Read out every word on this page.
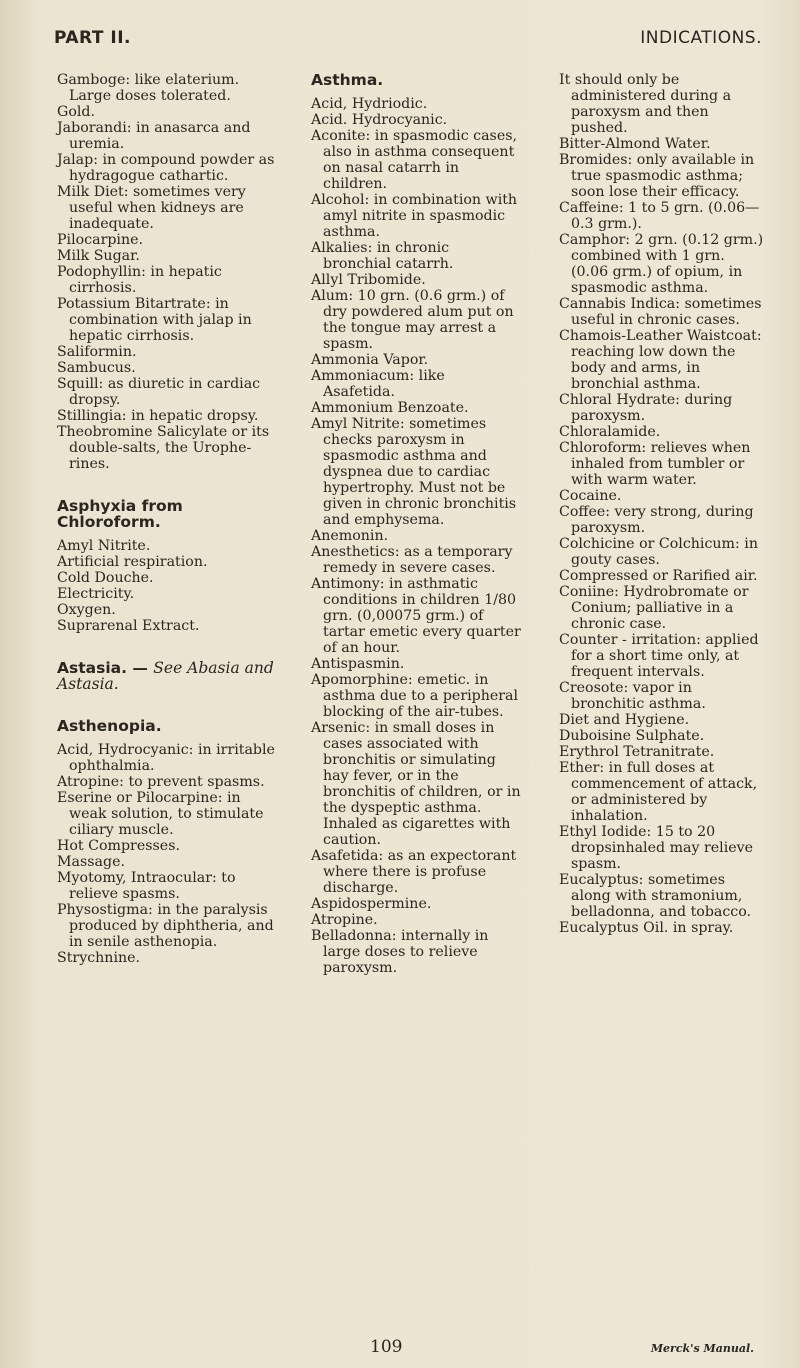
PART II.	INDICATIONS.

Gamboge: like elaterium. Large doses tolerated.

Gold.

Jaborandi: in anasarca and uremia.

Jalap: in compound powder as hydragogue cathartic.

Milk Diet: sometimes very useful when kidneys are inadequate.

Pilocarpine.

Milk Sugar.

Podophyllin: in hepatic cirrhosis.

Potassium Bitartrate: in combination with jalap in hepatic cirrhosis.

Saliformin.

Sambucus.

Squill: as diuretic in cardiac dropsy.

Stillingia: in hepatic dropsy.

Theobromine Salicylate or its double-salts, the Urophe-rines.

Asphyxia from Chloroform.

Amyl Nitrite.

Artificial respiration.

Cold Douche.

Electricity.

Oxygen.

Suprarenal Extract.

Astasia. — See Abasia and Astasia.
Asthenopia.

Acid, Hydrocyanic: in irritable ophthalmia.

Atropine: to prevent spasms.

Eserine or Pilocarpine: in weak solution, to stimulate ciliary muscle.

Hot Compresses.

Massage.

Myotomy, Intraocular: to relieve spasms.

Physostigma: in the paralysis produced by diphtheria, and in senile asthenopia.

Strychnine.

Asthma.

Acid, Hydriodic.

Acid. Hydrocyanic.

Aconite: in spasmodic cases, also in asthma consequent on nasal catarrh in children.

Alcohol: in combination with amyl nitrite in spasmodic asthma.

Alkalies: in chronic bronchial catarrh.

Allyl Tribomide.

Alum: 10 grn. (0.6 grm.) of dry powdered alum put on the tongue may arrest a spasm.

Ammonia Vapor.

Ammoniacum: like Asafetida.

Ammonium Benzoate.

Amyl Nitrite: sometimes checks paroxysm in spasmodic asthma and dyspnea due to cardiac hypertrophy. Must not be given in chronic bronchitis and emphysema.

Anemonin.

Anesthetics: as a temporary remedy in severe cases.

Antimony: in asthmatic conditions in children 1/80 grn. (0,00075 grm.) of tartar emetic every quarter of an hour.

Antispasmin.

Apomorphine: emetic. in asthma due to a peripheral blocking of the air-tubes.

Arsenic: in small doses in cases associated with bronchitis or simulating hay fever, or in the bronchitis of children, or in the dyspeptic asthma. Inhaled as cigarettes with caution.

Asafetida: as an expectorant where there is profuse discharge.

Aspidospermine.

Atropine.

Belladonna: internally in large doses to relieve paroxysm.

It should only be administered during a paroxysm and then pushed.

Bitter-Almond Water.

Bromides: only available in true spasmodic asthma; soon lose their efficacy.

Caffeine: 1 to 5 grn. (0.06—0.3 grm.).

Camphor: 2 grn. (0.12 grm.) combined with 1 grn. (0.06 grm.) of opium, in spasmodic asthma.

Cannabis Indica: sometimes useful in chronic cases.

Chamois-Leather Waistcoat: reaching low down the body and arms, in bronchial asthma.

Chloral Hydrate: during paroxysm.

Chloralamide.

Chloroform: relieves when inhaled from tumbler or with warm water.

Cocaine.

Coffee: very strong, during paroxysm.

Colchicine or Colchicum: in gouty cases.

Compressed or Rarified air.

Coniine: Hydrobromate or Conium; palliative in a chronic case.

Counter - irritation: applied for a short time only, at frequent intervals.

Creosote: vapor in bronchitic asthma.

Diet and Hygiene.

Duboisine Sulphate.

Erythrol Tetranitrate.

Ether: in full doses at commencement of attack, or administered by inhalation.

Ethyl Iodide: 15 to 20 dropsinhaled may relieve spasm.

Eucalyptus: sometimes along with stramonium, belladonna, and tobacco.

Eucalyptus Oil. in spray.

109	Merck's Manual.
